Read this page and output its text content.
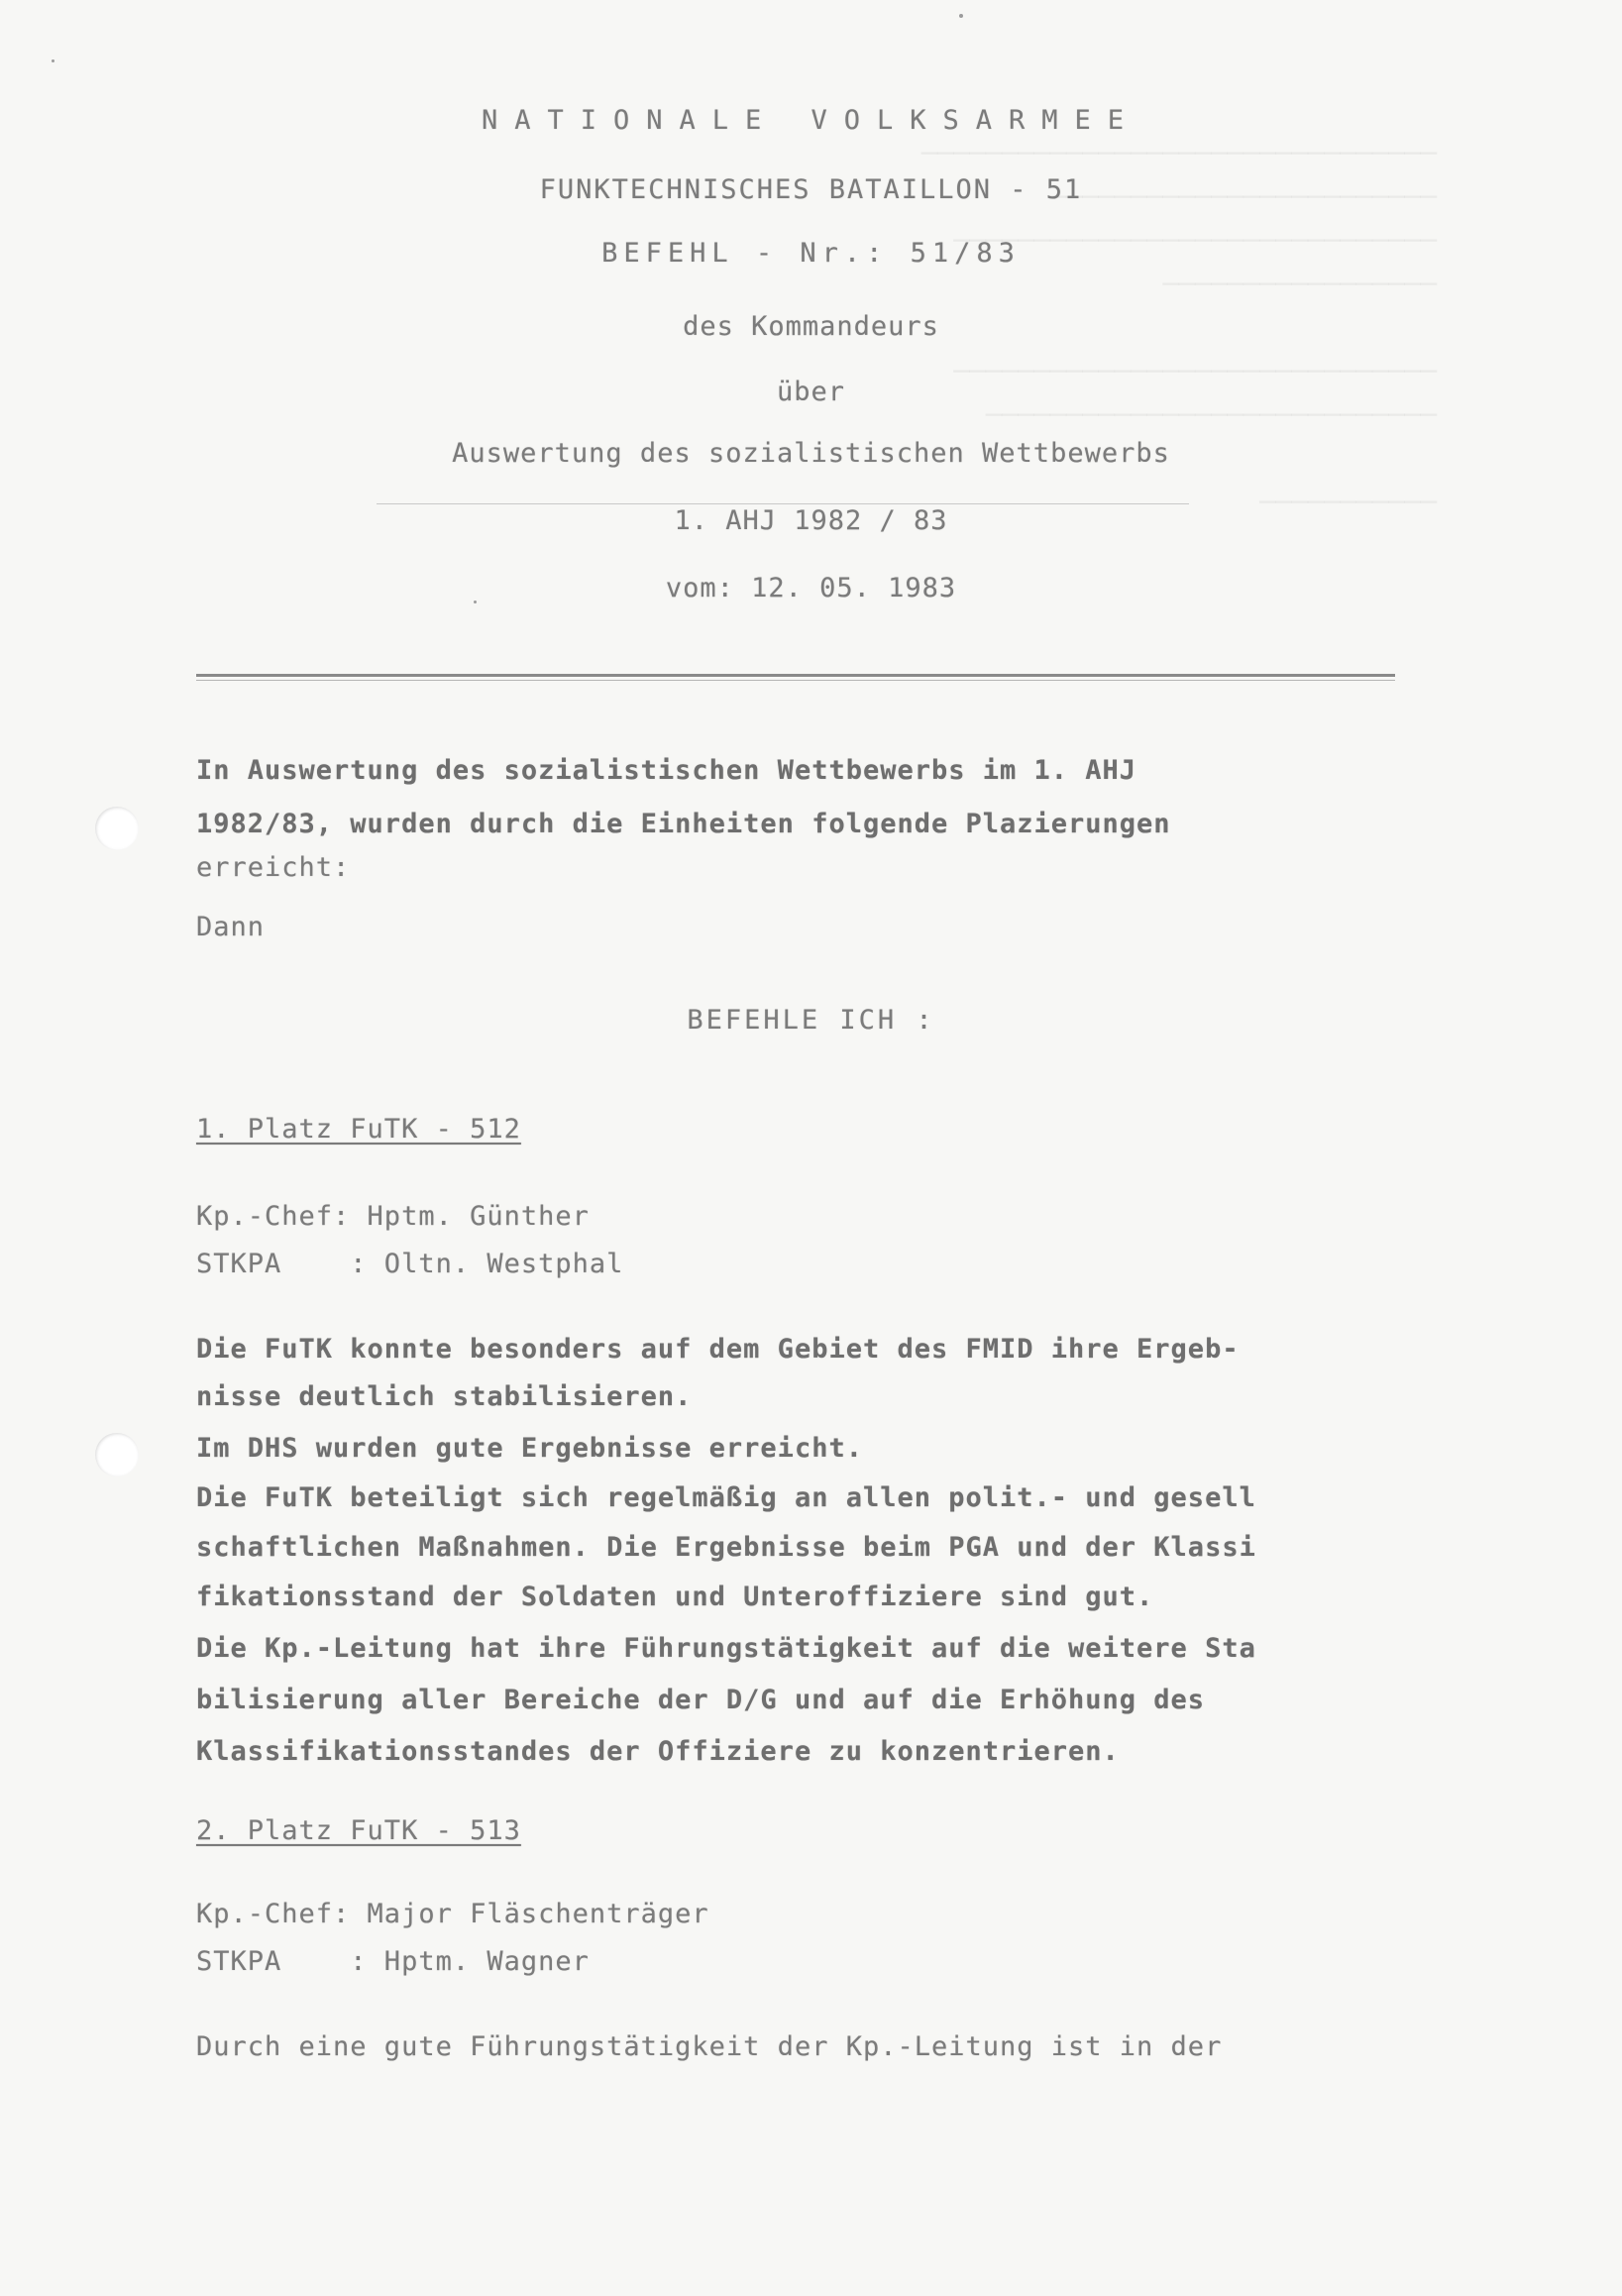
────────────────────────────────
────────────────────────
──────────────────────────────
─────────────────

──────────────────────────────
────────────────────────────

───────────

NATIONALE VOLKSARMEE
FUNKTECHNISCHES BATAILLON - 51
BEFEHL - Nr.: 51/83
des Kommandeurs
über
Auswertung des sozialistischen Wettbewerbs
1. AHJ 1982 / 83
vom: 12. 05. 1983
In Auswertung des sozialistischen Wettbewerbs im 1. AHJ
1982/83, wurden durch die Einheiten folgende Plazierungen
erreicht:
Dann
BEFEHLE ICH :
1. Platz FuTK - 512
Kp.-Chef: Hptm. Günther
STKPA    : Oltn. Westphal
Die FuTK konnte besonders auf dem Gebiet des FMID ihre Ergeb-
nisse deutlich stabilisieren.
Im DHS wurden gute Ergebnisse erreicht.
Die FuTK beteiligt sich regelmäßig an allen polit.- und gesell
schaftlichen Maßnahmen. Die Ergebnisse beim PGA und der Klassi
fikationsstand der Soldaten und Unteroffiziere sind gut.
Die Kp.-Leitung hat ihre Führungstätigkeit auf die weitere Sta
bilisierung aller Bereiche der D/G und auf die Erhöhung des
Klassifikationsstandes der Offiziere zu konzentrieren.
2. Platz FuTK - 513
Kp.-Chef: Major Fläschenträger
STKPA    : Hptm. Wagner
Durch eine gute Führungstätigkeit der Kp.-Leitung ist in der
